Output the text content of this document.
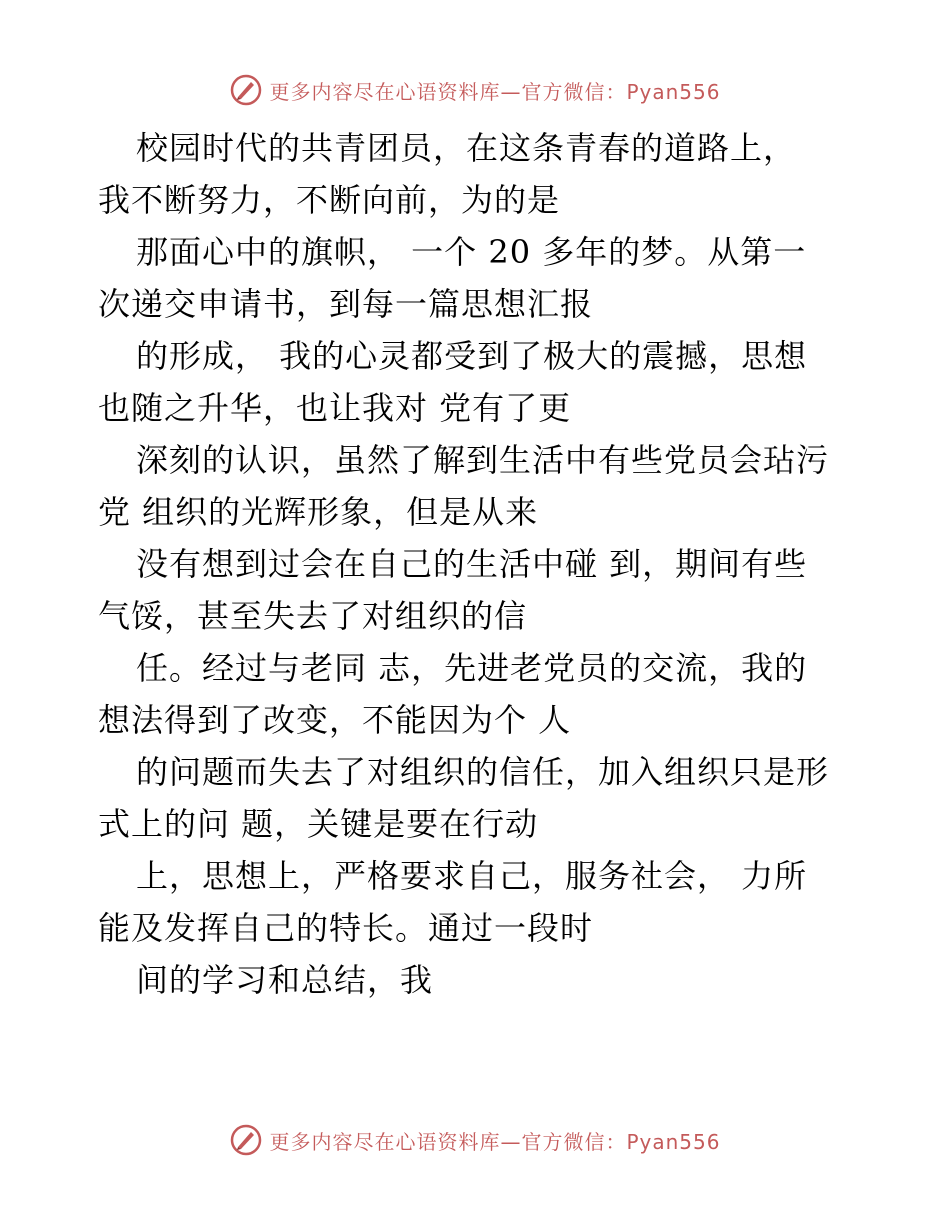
更多内容尽在心语资料库—官方微信：Pyan556
校园时代的共青团员，在这条青春的道路上，
我不断努力，不断向前，为的是
那面心中的旗帜， 一个 20 多年的梦。从第一
次递交申请书，到每一篇思想汇报
的形成， 我的心灵都受到了极大的震撼，思想
也随之升华，也让我对 党有了更
深刻的认识，虽然了解到生活中有些党员会玷污
党 组织的光辉形象，但是从来
没有想到过会在自己的生活中碰 到，期间有些
气馁，甚至失去了对组织的信
任。经过与老同 志，先进老党员的交流，我的
想法得到了改变，不能因为个 人
的问题而失去了对组织的信任，加入组织只是形
式上的问 题，关键是要在行动
上，思想上，严格要求自己，服务社会， 力所
能及发挥自己的特长。通过一段时
间的学习和总结，我
更多内容尽在心语资料库—官方微信：Pyan556
